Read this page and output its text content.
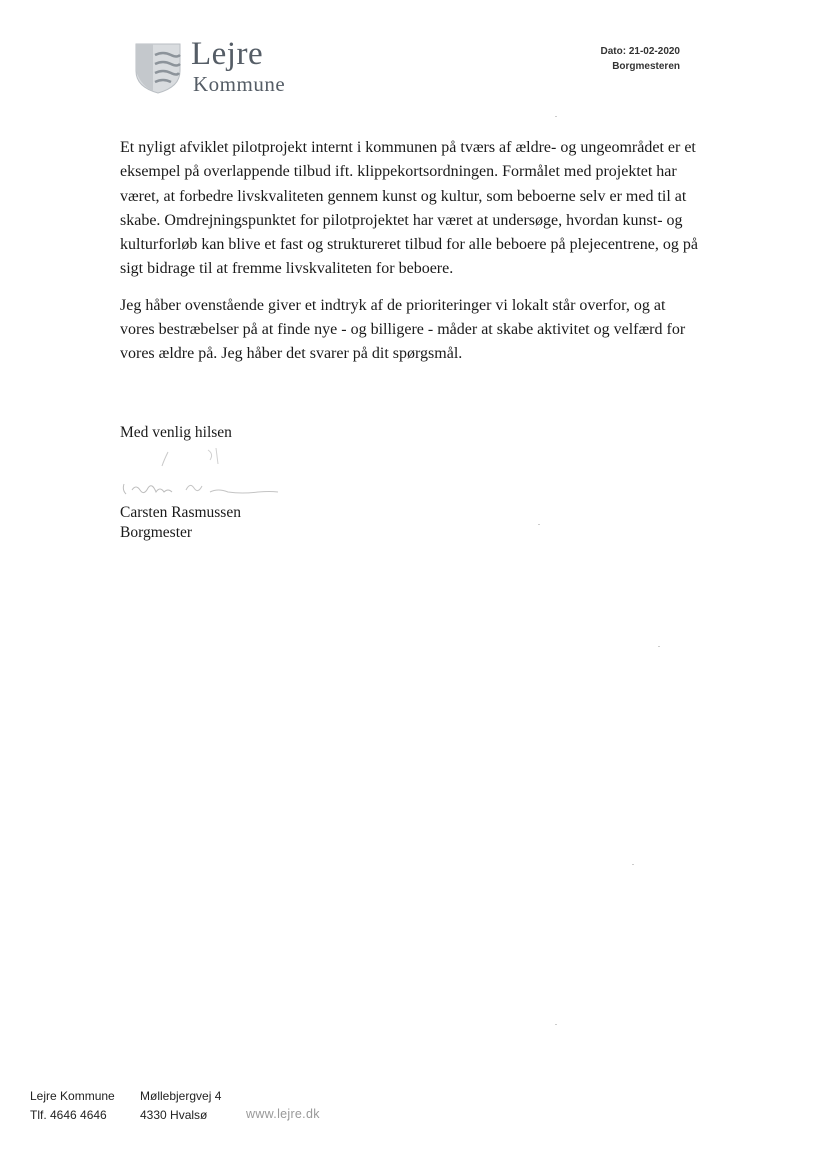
Lejre
Kommune
Dato: 21-02-2020
Borgmesteren

Et nyligt afviklet pilotprojekt internt i kommunen på tværs af ældre- og ungeområdet er et eksempel på overlappende tilbud ift. klippekortsordningen. Formålet med projektet har været, at forbedre livskvaliteten gennem kunst og kultur, som beboerne selv er med til at skabe. Omdrejningspunktet for pilotprojektet har været at undersøge, hvordan kunst- og kulturforløb kan blive et fast og struktureret tilbud for alle beboere på plejecentrene, og på sigt bidrage til at fremme livskvaliteten for beboere.

Jeg håber ovenstående giver et indtryk af de prioriteringer vi lokalt står overfor, og at vores bestræbelser på at finde nye - og billigere - måder at skabe aktivitet og velfærd for vores ældre på. Jeg håber det svarer på dit spørgsmål.

Med venlig hilsen
Carsten Rasmussen
Borgmester
Lejre Kommune
Tlf. 4646 4646
Møllebjergvej 4
4330 Hvalsø	www.lejre.dk
